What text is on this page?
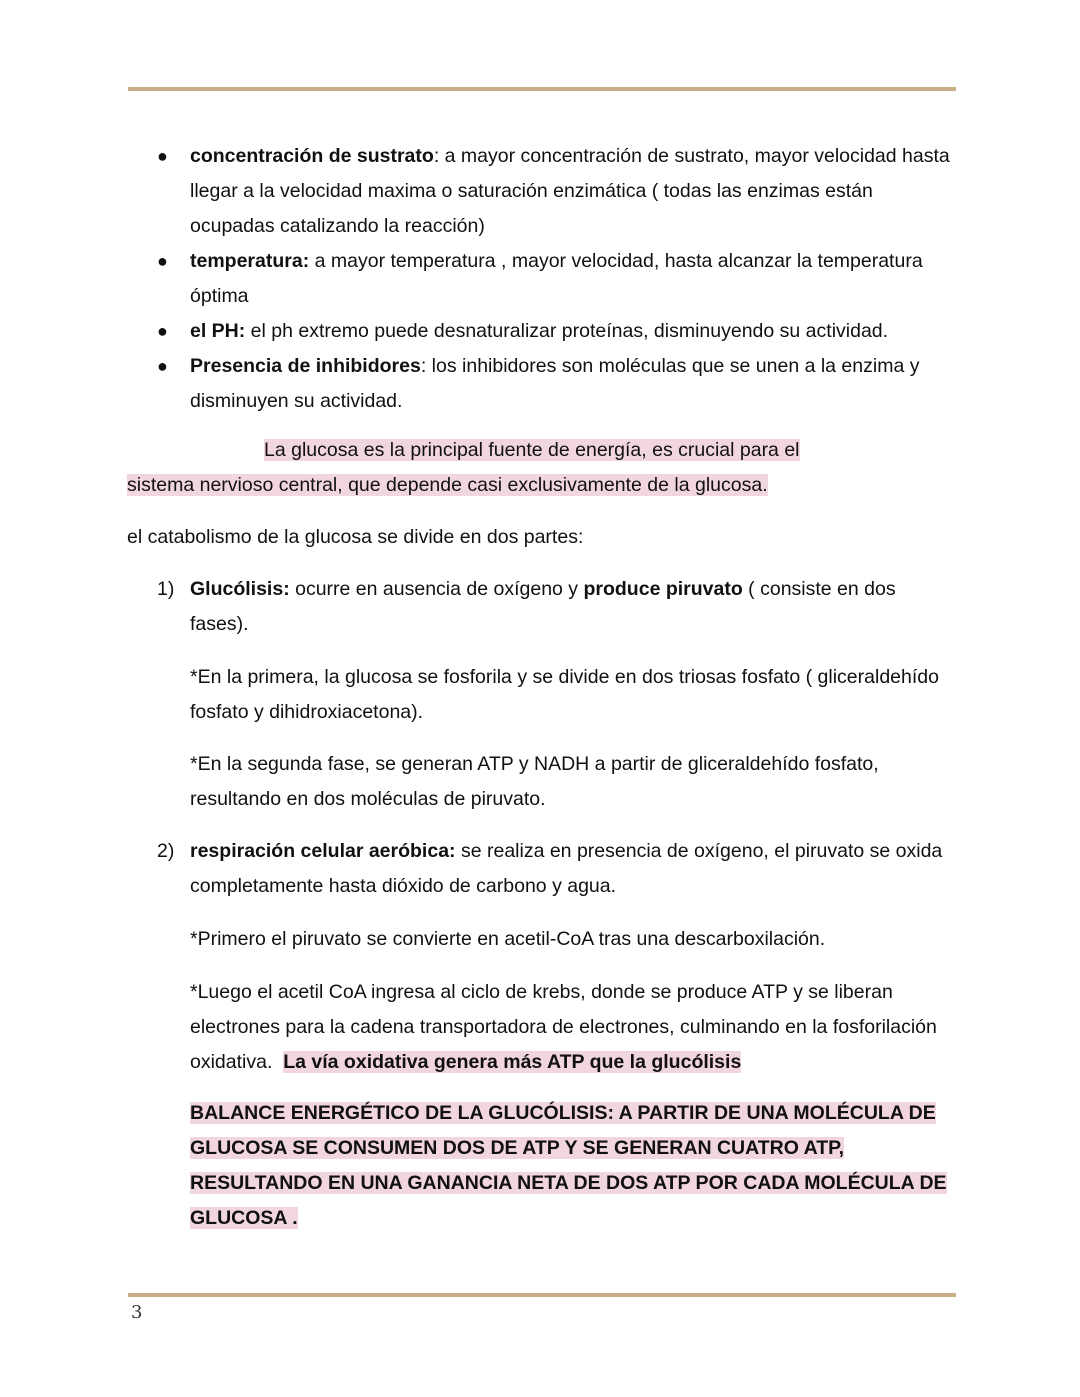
● concentración de sustrato: a mayor concentración de sustrato, mayor velocidad hasta llegar a la velocidad maxima o saturación enzimática ( todas las enzimas están ocupadas catalizando la reacción)
● temperatura: a mayor temperatura , mayor velocidad, hasta alcanzar la temperatura óptima
● el PH: el ph extremo puede desnaturalizar proteínas, disminuyendo su actividad.
● Presencia de inhibidores: los inhibidores son moléculas que se unen a la enzima y disminuyen su actividad.
La glucosa es la principal fuente de energía, es crucial para el
sistema nervioso central, que depende casi exclusivamente de la glucosa.
el catabolismo de la glucosa se divide en dos partes:
1) Glucólisis: ocurre en ausencia de oxígeno y produce piruvato ( consiste en dos fases).
*En la primera, la glucosa se fosforila y se divide en dos triosas fosfato ( gliceraldehído fosfato y dihidroxiacetona).
*En la segunda fase, se generan ATP y NADH a partir de gliceraldehído fosfato, resultando en dos moléculas de piruvato.
2) respiración celular aeróbica: se realiza en presencia de oxígeno, el piruvato se oxida completamente hasta dióxido de carbono y agua.
*Primero el piruvato se convierte en acetil-CoA tras una descarboxilación.
*Luego el acetil CoA ingresa al ciclo de krebs, donde se produce ATP y se liberan electrones para la cadena transportadora de electrones, culminando en la fosforilación oxidativa. La vía oxidativa genera más ATP que la glucólisis
BALANCE ENERGÉTICO DE LA GLUCÓLISIS: A PARTIR DE UNA MOLÉCULA DE GLUCOSA SE CONSUMEN DOS DE ATP Y SE GENERAN CUATRO ATP, RESULTANDO EN UNA GANANCIA NETA DE DOS ATP POR CADA MOLÉCULA DE GLUCOSA .
3
